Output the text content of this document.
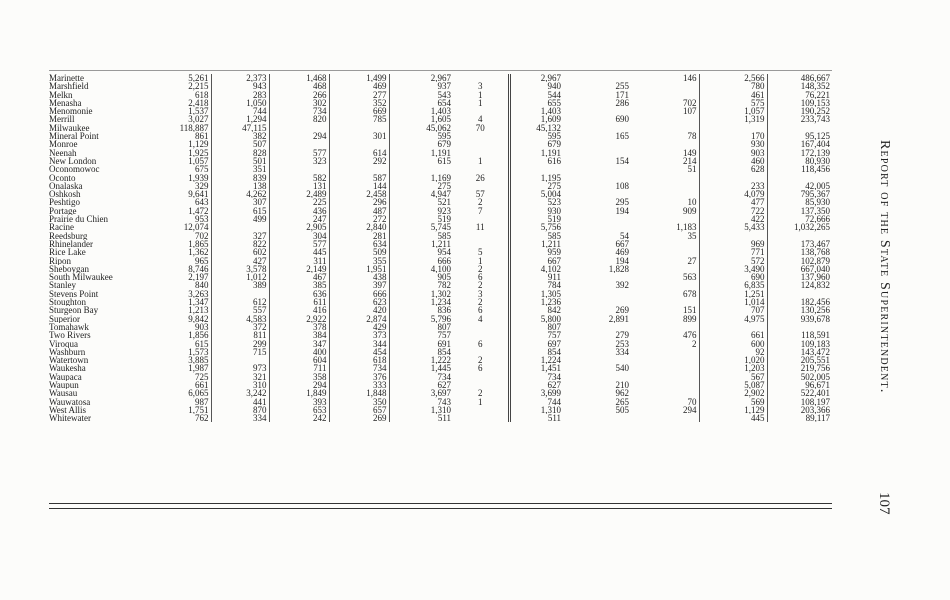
Marinette	5,261	2,373	1,468	1,499	2,967		2,967		146	2,566	486,667
Marshfield	2,215	943	468	469	937	3	940	255		780	148,352
Melkn	618	283	266	277	543	1	544	171		461	76,221
Menasha	2,418	1,050	302	352	654	1	655	286	702	575	109,153
Menomonie	1,537	744	734	669	1,403		1,403		107	1,057	190,252
Merrill	3,027	1,294	820	785	1,605	4	1,609	690		1,319	233,743
Milwaukee	118,887	47,115			45,062	70	45,132				
Mineral Point	861	382	294	301	595		595	165	78	170	95,125
Monroe	1,129	507			679		679			930	167,404
Neenah	1,925	828	577	614	1,191		1,191		149	903	172,139
New London	1,057	501	323	292	615	1	616	154	214	460	80,930
Oconomowoc	675	351							51	628	118,456
Oconto	1,939	839	582	587	1,169	26	1,195				
Onalaska	329	138	131	144	275		275	108		233	42,005
Oshkosh	9,641	4,262	2,489	2,458	4,947	57	5,004			4,079	795,367
Peshtigo	643	307	225	296	521	2	523	295	10	477	85,930
Portage	1,472	615	436	487	923	7	930	194	909	722	137,350
Prairie du Chien	953	499	247	272	519		519			422	72,666
Racine	12,074		2,905	2,840	5,745	11	5,756		1,183	5,433	1,032,265
Reedsburg	702	327	304	281	585		585	54	35		
Rhinelander	1,865	822	577	634	1,211		1,211	667		969	173,467
Rice Lake	1,362	602	445	509	954	5	959	469		771	138,768
Ripon	965	427	311	355	666	1	667	194	27	572	102,879
Sheboygan	8,746	3,578	2,149	1,951	4,100	2	4,102	1,828		3,490	667,040
South Milwaukee	2,197	1,012	467	438	905	6	911		563	690	137,960
Stanley	840	389	385	397	782	2	784	392		6,835	124,832
Stevens Point	3,263		636	666	1,302	3	1,305		678	1,251	
Stoughton	1,347	612	611	623	1,234	2	1,236			1,014	182,456
Sturgeon Bay	1,213	557	416	420	836	6	842	269	151	707	130,256
Superior	9,842	4,583	2,922	2,874	5,796	4	5,800	2,891	899	4,975	939,678
Tomahawk	903	372	378	429	807		807				
Two Rivers	1,856	811	384	373	757		757	279	476	661	118,591
Viroqua	615	299	347	344	691	6	697	253	2	600	109,183
Washburn	1,573	715	400	454	854		854	334		92	143,472
Watertown	3,885		604	618	1,222	2	1,224			1,020	205,551
Waukesha	1,987	973	711	734	1,445	6	1,451	540		1,203	219,756
Waupaca	725	321	358	376	734		734			567	502,005
Waupun	661	310	294	333	627		627	210		5,087	96,671
Wausau	6,065	3,242	1,849	1,848	3,697	2	3,699	962		2,902	522,401
Wauwatosa	987	441	393	350	743	1	744	265	70	569	108,197
West Allis	1,751	870	653	657	1,310		1,310	505	294	1,129	203,366
Whitewater	762	334	242	269	511		511			445	89,117
Report of the State Superintendent.
107
